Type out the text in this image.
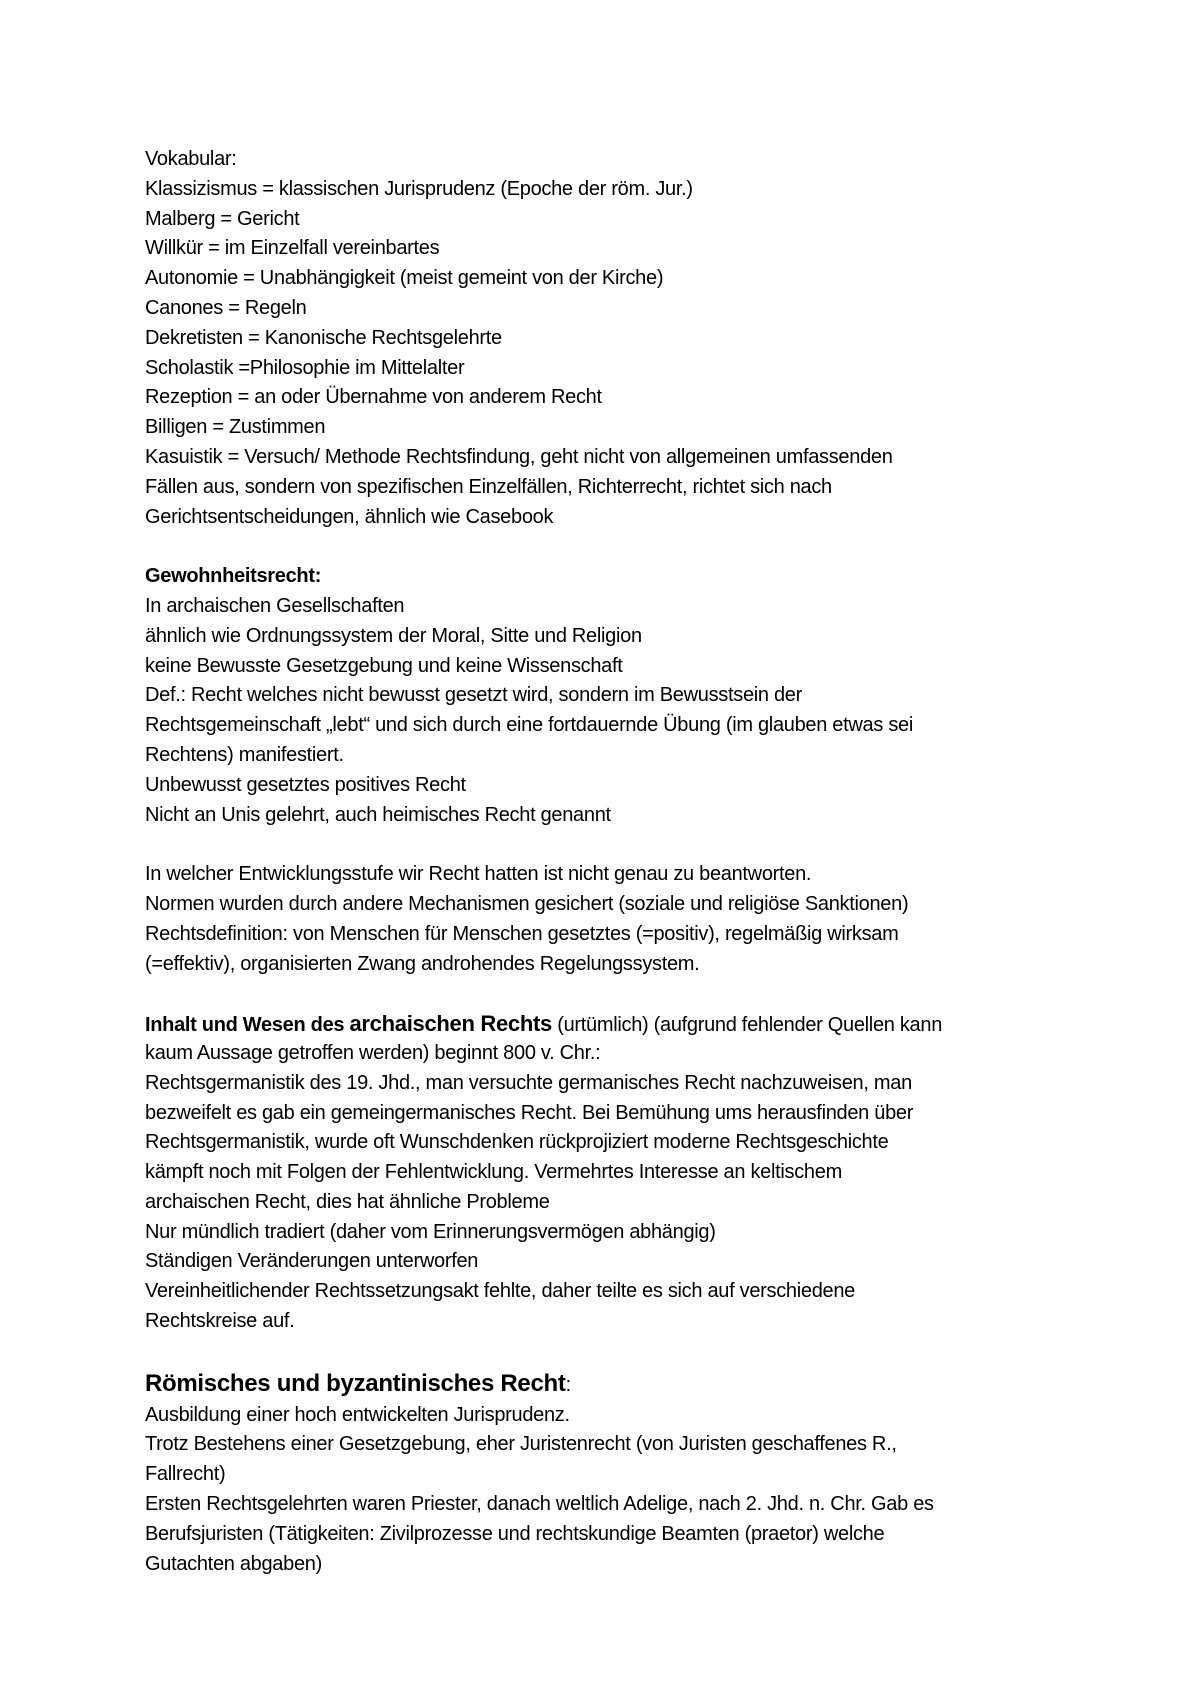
Vokabular:
Klassizismus = klassischen Jurisprudenz (Epoche der röm. Jur.)
Malberg = Gericht
Willkür = im Einzelfall vereinbartes
Autonomie = Unabhängigkeit (meist gemeint von der Kirche)
Canones = Regeln
Dekretisten = Kanonische Rechtsgelehrte
Scholastik =Philosophie im Mittelalter
Rezeption = an oder Übernahme von anderem Recht
Billigen = Zustimmen
Kasuistik = Versuch/ Methode Rechtsfindung, geht nicht von allgemeinen umfassenden
Fällen aus, sondern von spezifischen Einzelfällen, Richterrecht, richtet sich nach
Gerichtsentscheidungen, ähnlich wie Casebook
Gewohnheitsrecht:
In archaischen Gesellschaften
ähnlich wie Ordnungssystem der Moral, Sitte und Religion
keine Bewusste Gesetzgebung und keine Wissenschaft
Def.: Recht welches nicht bewusst gesetzt wird, sondern im Bewusstsein der
Rechtsgemeinschaft „lebt“ und sich durch eine fortdauernde Übung (im glauben etwas sei
Rechtens) manifestiert.
Unbewusst gesetztes positives Recht
Nicht an Unis gelehrt, auch heimisches Recht genannt
In welcher Entwicklungsstufe wir Recht hatten ist nicht genau zu beantworten.
Normen wurden durch andere Mechanismen gesichert (soziale und religiöse Sanktionen)
Rechtsdefinition: von Menschen für Menschen gesetztes (=positiv), regelmäßig wirksam
(=effektiv), organisierten Zwang androhendes Regelungssystem.
Inhalt und Wesen des archaischen Rechts (urtümlich) (aufgrund fehlender Quellen kann
kaum Aussage getroffen werden) beginnt 800 v. Chr.:
Rechtsgermanistik des 19. Jhd., man versuchte germanisches Recht nachzuweisen, man
bezweifelt es gab ein gemeingermanisches Recht. Bei Bemühung ums herausfinden über
Rechtsgermanistik, wurde oft Wunschdenken rückprojiziert moderne Rechtsgeschichte
kämpft noch mit Folgen der Fehlentwicklung. Vermehrtes Interesse an keltischem
archaischen Recht, dies hat ähnliche Probleme
Nur mündlich tradiert (daher vom Erinnerungsvermögen abhängig)
Ständigen Veränderungen unterworfen
Vereinheitlichender Rechtssetzungsakt fehlte, daher teilte es sich auf verschiedene
Rechtskreise auf.
Römisches und byzantinisches Recht:
Ausbildung einer hoch entwickelten Jurisprudenz.
Trotz Bestehens einer Gesetzgebung, eher Juristenrecht (von Juristen geschaffenes R.,
Fallrecht)
Ersten Rechtsgelehrten waren Priester, danach weltlich Adelige, nach 2. Jhd. n. Chr. Gab es
Berufsjuristen (Tätigkeiten: Zivilprozesse und rechtskundige Beamten (praetor) welche
Gutachten abgaben)
